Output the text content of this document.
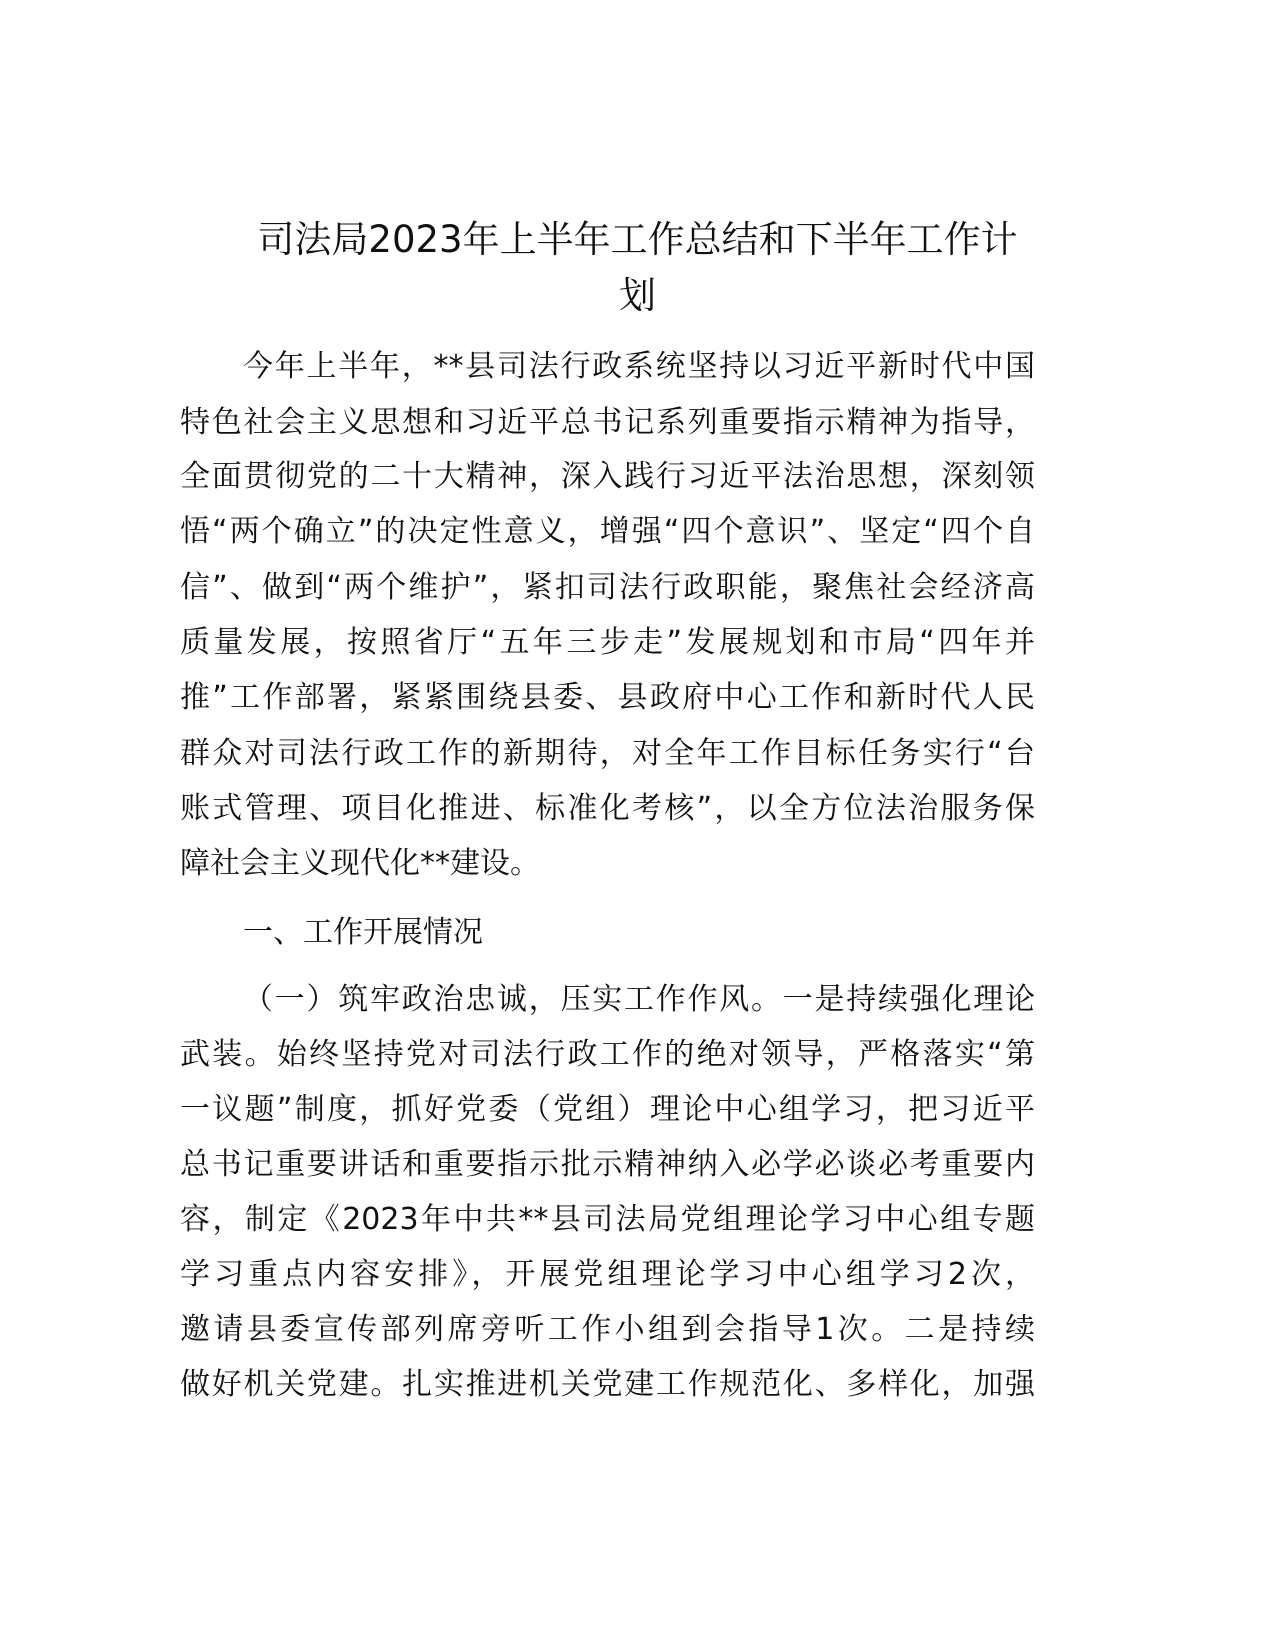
司法局2023年上半年工作总结和下半年工作计
划
今年上半年，**县司法行政系统坚持以习近平新时代中国
特色社会主义思想和习近平总书记系列重要指示精神为指导，
全面贯彻党的二十大精神，深入践行习近平法治思想，深刻领
悟“两个确立”的决定性意义，增强“四个意识”、坚定“四个自
信”、做到“两个维护”，紧扣司法行政职能，聚焦社会经济高
质量发展，按照省厅“五年三步走”发展规划和市局“四年并
推”工作部署，紧紧围绕县委、县政府中心工作和新时代人民
群众对司法行政工作的新期待，对全年工作目标任务实行“台
账式管理、项目化推进、标准化考核”，以全方位法治服务保
障社会主义现代化**建设。
一、工作开展情况
（一）筑牢政治忠诚，压实工作作风。一是持续强化理论
武装。始终坚持党对司法行政工作的绝对领导，严格落实“第
一议题”制度，抓好党委（党组）理论中心组学习，把习近平
总书记重要讲话和重要指示批示精神纳入必学必谈必考重要内
容，制定《2023年中共**县司法局党组理论学习中心组专题
学习重点内容安排》，开展党组理论学习中心组学习2次，
邀请县委宣传部列席旁听工作小组到会指导1次。二是持续
做好机关党建。扎实推进机关党建工作规范化、多样化，加强
